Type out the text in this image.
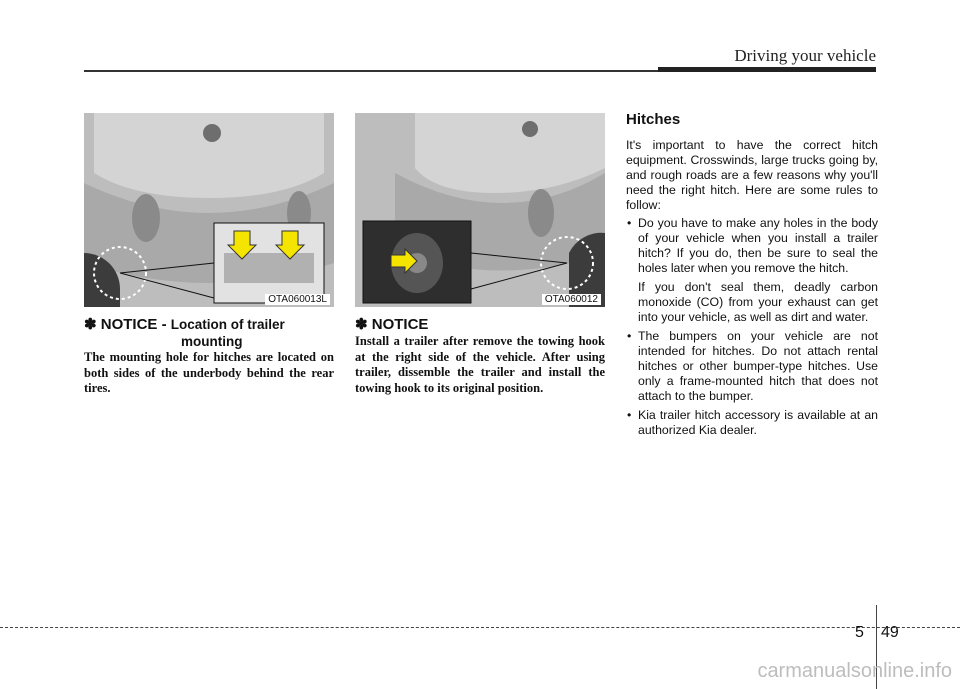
Driving your vehicle
OTA060013L	OTA060012
✽ NOTICE - Location of trailer
mounting
The mounting hole for hitches are located on both sides of the underbody behind the rear tires.
✽ NOTICE
Install a trailer after remove the towing hook at the right side of the vehicle. After using trailer, dissemble the trailer and install the towing hook to its original position.
Hitches
It's important to have the correct hitch equipment. Crosswinds, large trucks going by, and rough roads are a few reasons why you'll need the right hitch. Here are some rules to follow:
• Do you have to make any holes in the body of your vehicle when you install a trailer hitch? If you do, then be sure to seal the holes later when you remove the hitch.
If you don't seal them, deadly carbon monoxide (CO) from your exhaust can get into your vehicle, as well as dirt and water.
• The bumpers on your vehicle are not intended for hitches. Do not attach rental hitches or other bumper-type hitches. Use only a frame-mounted hitch that does not attach to the bumper.
• Kia trailer hitch accessory is available at an authorized Kia dealer.
5 49
carmanualsonline.info
